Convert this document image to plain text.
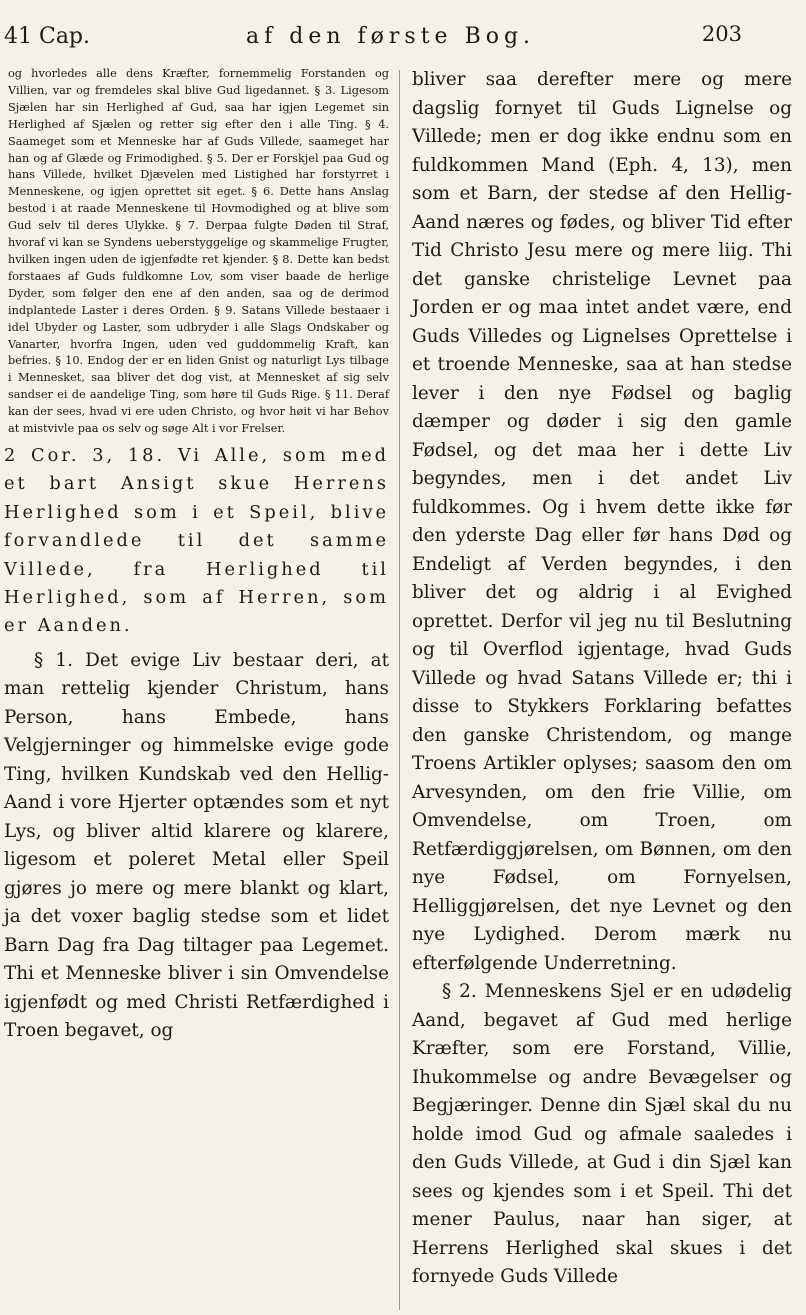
41 Cap.	af den første Bog.	203

og hvorledes alle dens Kræfter, fornemmelig Forstanden og Villien, var og fremdeles skal blive Gud ligedannet. § 3. Ligesom Sjælen har sin Herlighed af Gud, saa har igjen Legemet sin Herlighed af Sjælen og retter sig efter den i alle Ting. § 4. Saameget som et Menneske har af Guds Villede, saameget har han og af Glæde og Frimodighed. § 5. Der er Forskjel paa Gud og hans Villede, hvilket Djævelen med Listighed har forstyrret i Menneskene, og igjen oprettet sit eget. § 6. Dette hans Anslag bestod i at raade Menneskene til Hovmodighed og at blive som Gud selv til deres Ulykke. § 7. Derpaa fulgte Døden til Straf, hvoraf vi kan se Syndens ueberstyggelige og skammelige Frugter, hvilken ingen uden de igjenfødte ret kjender. § 8. Dette kan bedst forstaaes af Guds fuldkomne Lov, som viser baade de herlige Dyder, som følger den ene af den anden, saa og de derimod indplantede Laster i deres Orden. § 9. Satans Villede bestaaer i idel Ubyder og Laster, som udbryder i alle Slags Ondskaber og Vanarter, hvorfra Ingen, uden ved guddommelig Kraft, kan befries. § 10. Endog der er en liden Gnist og naturligt Lys tilbage i Mennesket, saa bliver det dog vist, at Mennesket af sig selv sandser ei de aandelige Ting, som høre til Guds Rige. § 11. Deraf kan der sees, hvad vi ere uden Christo, og hvor høit vi har Behov at mistvivle paa os selv og søge Alt i vor Frelser.

2 Cor. 3, 18. Vi Alle, som med et bart Ansigt skue Herrens Herlighed som i et Speil, blive forvandlede til det samme Villede, fra Herlighed til Herlighed, som af Herren, som er Aanden.

§ 1. Det evige Liv bestaar deri, at man rettelig kjender Christum, hans Person, hans Embede, hans Velgjerninger og himmelske evige gode Ting, hvilken Kundskab ved den Hellig-Aand i vore Hjerter optændes som et nyt Lys, og bliver altid klarere og klarere, ligesom et poleret Metal eller Speil gjøres jo mere og mere blankt og klart, ja det voxer baglig stedse som et lidet Barn Dag fra Dag tiltager paa Legemet. Thi et Menneske bliver i sin Omvendelse igjenfødt og med Christi Retfærdighed i Troen begavet, og

bliver saa derefter mere og mere dagslig fornyet til Guds Lignelse og Villede; men er dog ikke endnu som en fuldkommen Mand (Eph. 4, 13), men som et Barn, der stedse af den Hellig-Aand næres og fødes, og bliver Tid efter Tid Christo Jesu mere og mere liig. Thi det ganske christelige Levnet paa Jorden er og maa intet andet være, end Guds Villedes og Lignelses Oprettelse i et troende Menneske, saa at han stedse lever i den nye Fødsel og baglig dæmper og døder i sig den gamle Fødsel, og det maa her i dette Liv begyndes, men i det andet Liv fuldkommes. Og i hvem dette ikke før den yderste Dag eller før hans Død og Endeligt af Verden begyndes, i den bliver det og aldrig i al Evighed oprettet. Derfor vil jeg nu til Beslutning og til Overflod igjentage, hvad Guds Villede og hvad Satans Villede er; thi i disse to Stykkers Forklaring befattes den ganske Christendom, og mange Troens Artikler oplyses; saasom den om Arvesynden, om den frie Villie, om Omvendelse, om Troen, om Retfærdiggjørelsen, om Bønnen, om den nye Fødsel, om Fornyelsen, Helliggjørelsen, det nye Levnet og den nye Lydighed. Derom mærk nu efterfølgende Underretning.

§ 2. Menneskens Sjel er en udødelig Aand, begavet af Gud med herlige Kræfter, som ere Forstand, Villie, Ihukommelse og andre Bevægelser og Begjæringer. Denne din Sjæl skal du nu holde imod Gud og afmale saaledes i den Guds Villede, at Gud i din Sjæl kan sees og kjendes som i et Speil. Thi det mener Paulus, naar han siger, at Herrens Herlighed skal skues i det fornyede Guds Villede
